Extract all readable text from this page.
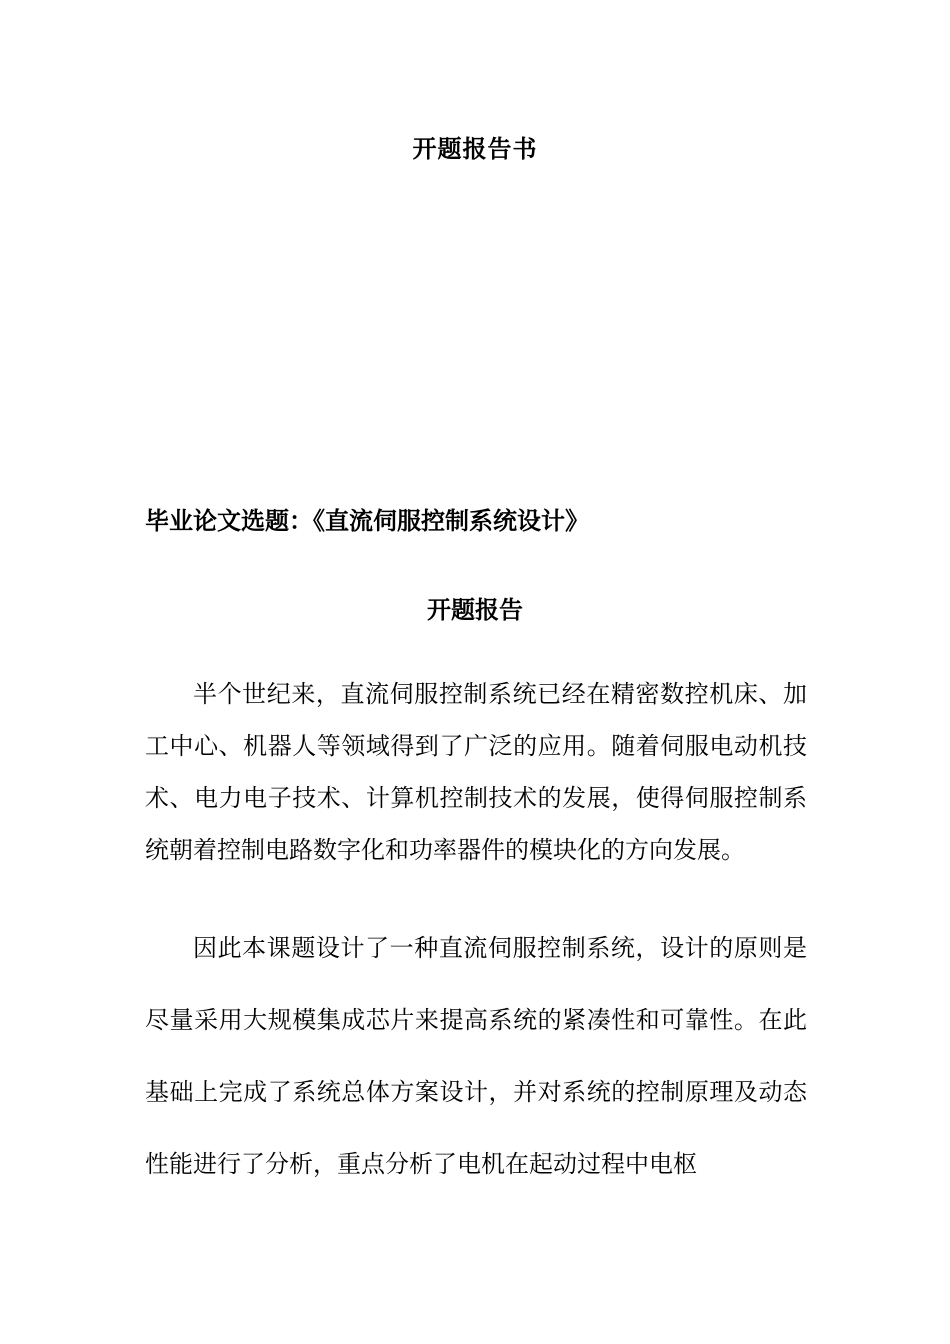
开题报告书
毕业论文选题：《直流伺服控制系统设计》
开题报告

半个世纪来，直流伺服控制系统已经在精密数控机床、加工中心、机器人等领域得到了广泛的应用。随着伺服电动机技术、电力电子技术、计算机控制技术的发展，使得伺服控制系统朝着控制电路数字化和功率器件的模块化的方向发展。

因此本课题设计了一种直流伺服控制系统，设计的原则是尽量采用大规模集成芯片来提高系统的紧凑性和可靠性。在此基础上完成了系统总体方案设计，并对系统的控制原理及动态性能进行了分析，重点分析了电机在起动过程中电枢
